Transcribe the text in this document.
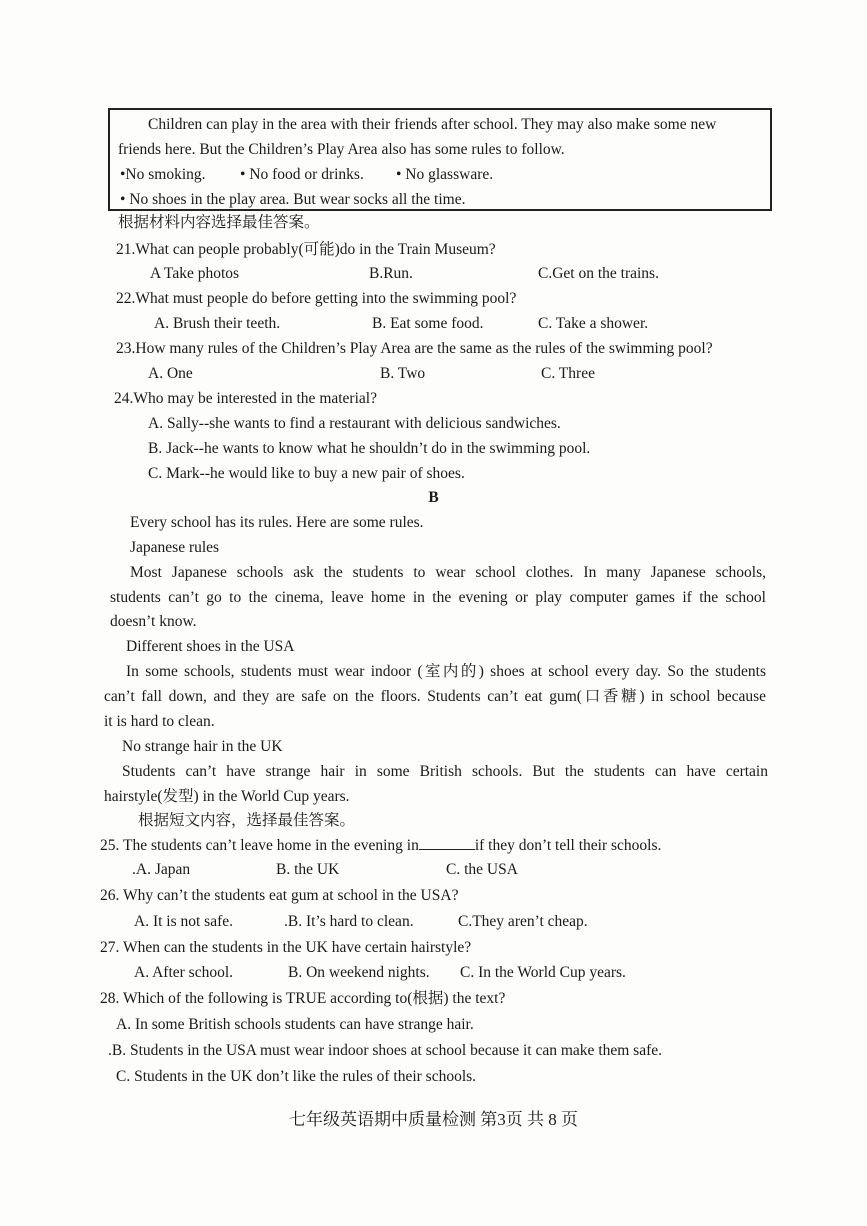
Children can play in the area with their friends after school. They may also make some new
friends here. But the Children’s Play Area also has some rules to follow.
•No smoking. • No food or drinks. • No glassware.
• No shoes in the play area. But wear socks all the time.
根据材料内容选择最佳答案。
21.What can people probably(可能)do in the Train Museum?
A Take photos	B.Run.	C.Get on the trains.
22.What must people do before getting into the swimming pool?
A. Brush their teeth.	B. Eat some food.	C. Take a shower.
23.How many rules of the Children’s Play Area are the same as the rules of the swimming pool?
A. One	B. Two	C. Three
24.Who may be interested in the material?
A. Sally--she wants to find a restaurant with delicious sandwiches.
B. Jack--he wants to know what he shouldn’t do in the swimming pool.
C. Mark--he would like to buy a new pair of shoes.
B
Every school has its rules. Here are some rules.
Japanese rules
Most Japanese schools ask the students to wear school clothes. In many Japanese schools,
students can’t go to the cinema, leave home in the evening or play computer games if the school
doesn’t know.
Different shoes in the USA
In some schools, students must wear indoor (室内的) shoes at school every day. So the students
can’t fall down, and they are safe on the floors. Students can’t eat gum(口香糖) in school because
it is hard to clean.
No strange hair in the UK
Students can’t have strange hair in some British schools. But the students can have certain
hairstyle(发型) in the World Cup years.
根据短文内容，选择最佳答案。
25. The students can’t leave home in the evening in	if they don’t tell their schools.
.A. Japan	B. the UK	C. the USA
26. Why can’t the students eat gum at school in the USA?
A. It is not safe.	.B. It’s hard to clean.	C.They aren’t cheap.
27. When can the students in the UK have certain hairstyle?
A. After school.	B. On weekend nights. C. In the World Cup years.
28. Which of the following is TRUE according to(根据) the text?
A. In some British schools students can have strange hair.
.B. Students in the USA must wear indoor shoes at school because it can make them safe.
C. Students in the UK don’t like the rules of their schools.
七年级英语期中质量检测 第3页 共 8 页
